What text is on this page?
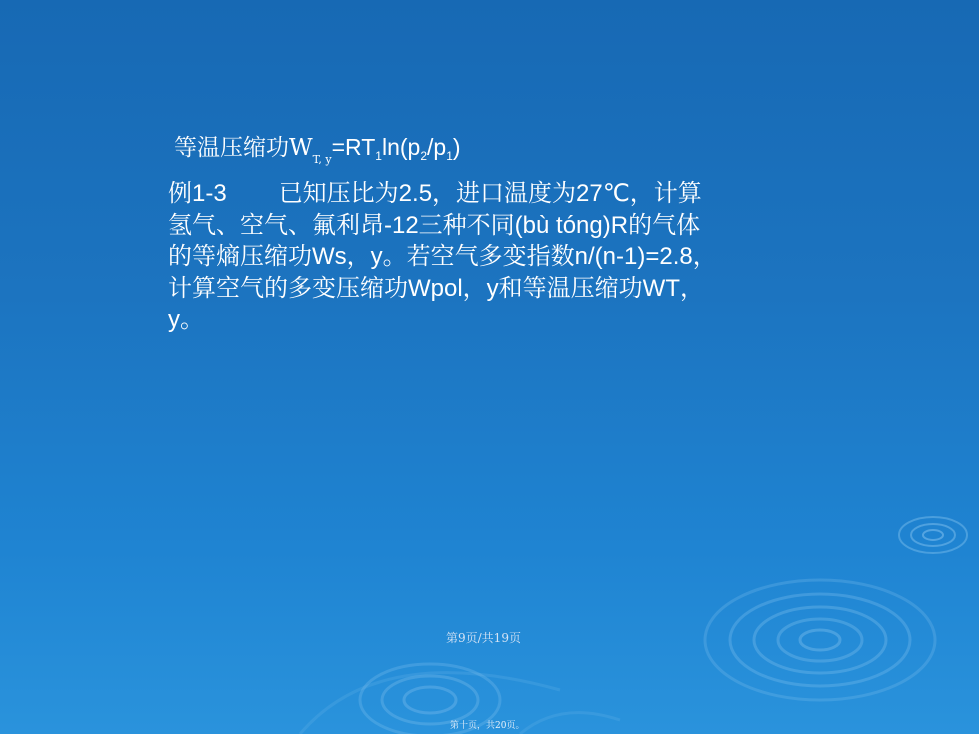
等温压缩功$W_{T, y}=RT_1\ln(p_2/p_1)$
例1-3 已知压比为2.5，进口温度为27℃，计算
氢气、空气、氟利昂-12三种不同(bù tóng)R的气体
的等熵压缩功Ws，y。若空气多变指数n/(n-1)=2.8，
计算空气的多变压缩功Wpol，y和等温压缩功WT，
y。
第9页/共19页
第十页，共20页。
